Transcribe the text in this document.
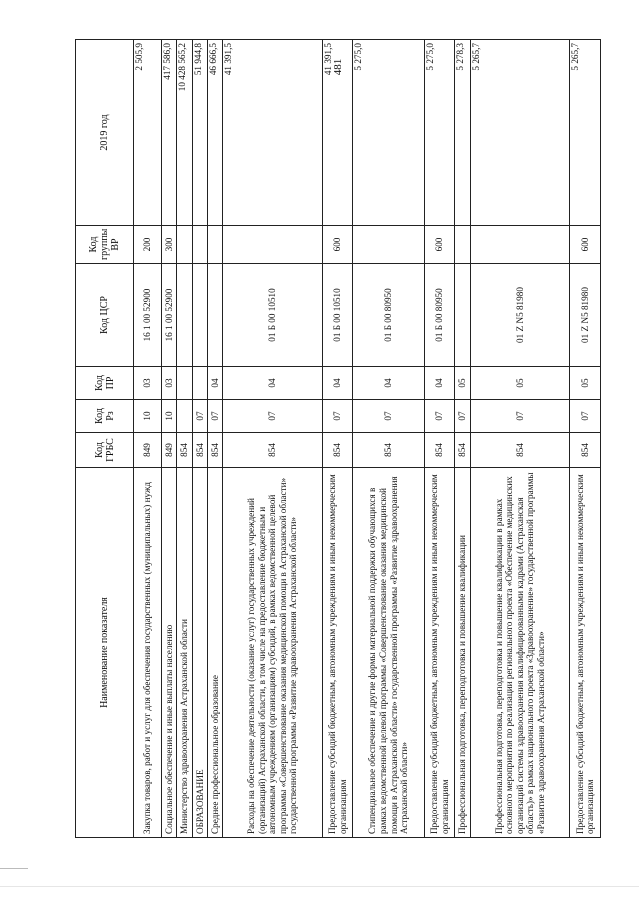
481
Наименование показателя	Код ГРБС	Код Рз	Код ПР	Код ЦСР	Код группы ВР	2019 год
Закупка товаров, работ и услуг для обеспечения государственных (муниципальных) нужд	849	10	03	16 1 00 52900	200	2 505,9
Социальное обеспечение и иные выплаты населению	849	10	03	16 1 00 52900	300	417 586,0
Министерство здравоохранения Астраханской области	854					10 428 565,2
ОБРАЗОВАНИЕ	854	07				51 944,8
Среднее профессиональное образование	854	07	04			46 666,5
Расходы на обеспечение деятельности (оказание услуг) государственных учреждений (организаций) Астраханской области, в том числе на предоставление бюджетным и автономным учреждениям (организациям) субсидий, в рамках ведомственной целевой программы «Совершенствование оказания медицинской помощи в Астраханской области» государственной программы «Развитие здравоохранения Астраханской области»	854	07	04	01 Б 00 10510		41 391,5
Предоставление субсидий бюджетным, автономным учреждениям и иным некоммерческим организациям	854	07	04	01 Б 00 10510	600	41 391,5
Стипендиальное обеспечение и другие формы материальной поддержки обучающихся в рамках ведомственной целевой программы «Совершенствование оказания медицинской помощи в Астраханской области» государственной программы «Развитие здравоохранения Астраханской области»	854	07	04	01 Б 00 80950		5 275,0
Предоставление субсидий бюджетным, автономным учреждениям и иным некоммерческим организациям	854	07	04	01 Б 00 80950	600	5 275,0
Профессиональная подготовка, переподготовка и повышение квалификации	854	07	05			5 278,3
Профессиональная подготовка, переподготовка и повышение квалификации в рамках основного мероприятия по реализации регионального проекта «Обеспечение медицинских организаций системы здравоохранения квалифицированными кадрами (Астраханская область)» в рамках национального проекта «Здравоохранение» государственной программы «Развитие здравоохранения Астраханской области»	854	07	05	01 Z N5 81980		5 265,7
Предоставление субсидий бюджетным, автономным учреждениям и иным некоммерческим организациям	854	07	05	01 Z N5 81980	600	5 265,7
